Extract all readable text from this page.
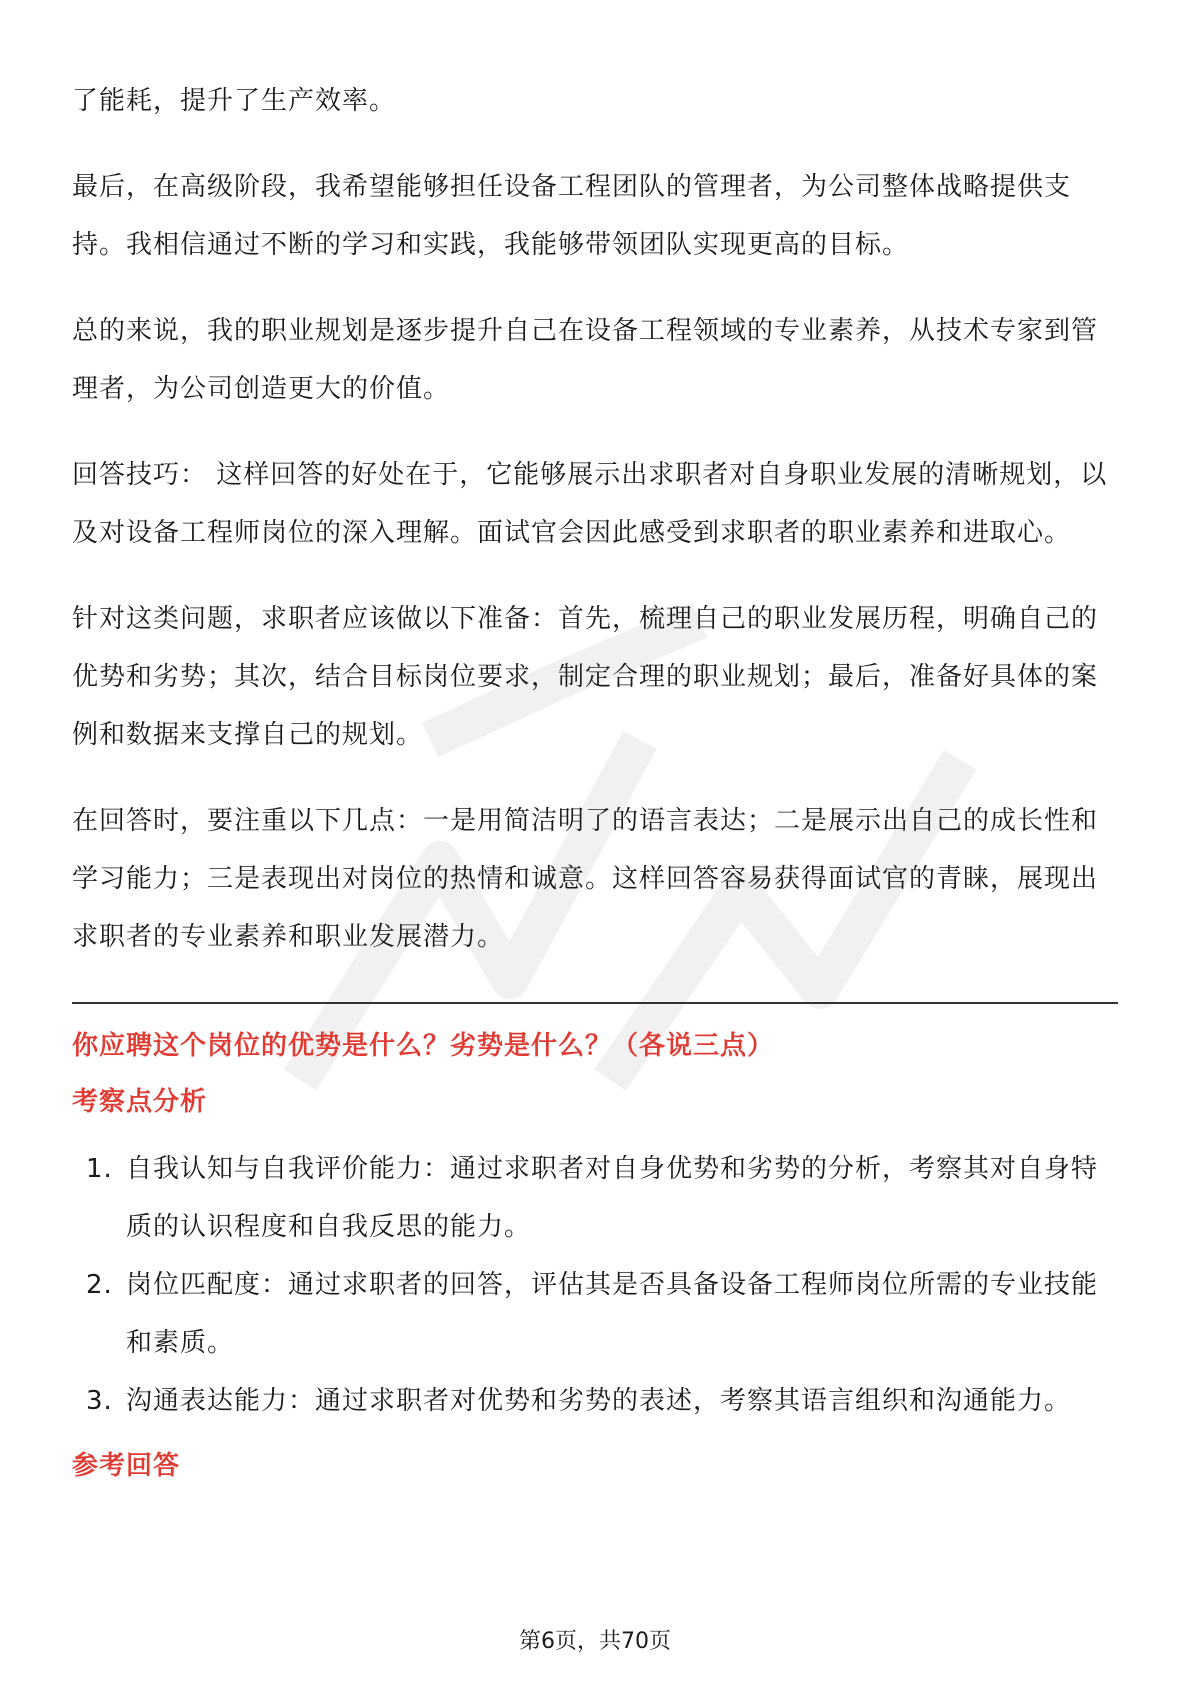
了能耗，提升了生产效率。

最后，在高级阶段，我希望能够担任设备工程团队的管理者，为公司整体战略提供支持。我相信通过不断的学习和实践，我能够带领团队实现更高的目标。

总的来说，我的职业规划是逐步提升自己在设备工程领域的专业素养，从技术专家到管理者，为公司创造更大的价值。

回答技巧： 这样回答的好处在于，它能够展示出求职者对自身职业发展的清晰规划，以及对设备工程师岗位的深入理解。面试官会因此感受到求职者的职业素养和进取心。

针对这类问题，求职者应该做以下准备：首先，梳理自己的职业发展历程，明确自己的优势和劣势；其次，结合目标岗位要求，制定合理的职业规划；最后，准备好具体的案例和数据来支撑自己的规划。

在回答时，要注重以下几点：一是用简洁明了的语言表达；二是展示出自己的成长性和学习能力；三是表现出对岗位的热情和诚意。这样回答容易获得面试官的青睐，展现出求职者的专业素养和职业发展潜力。

你应聘这个岗位的优势是什么？劣势是什么？（各说三点）
考察点分析
1. 自我认知与自我评价能力：通过求职者对自身优势和劣势的分析，考察其对自身特质的认识程度和自我反思的能力。
2. 岗位匹配度：通过求职者的回答，评估其是否具备设备工程师岗位所需的专业技能和素质。
3. 沟通表达能力：通过求职者对优势和劣势的表述，考察其语言组织和沟通能力。
参考回答
第6页，共70页
